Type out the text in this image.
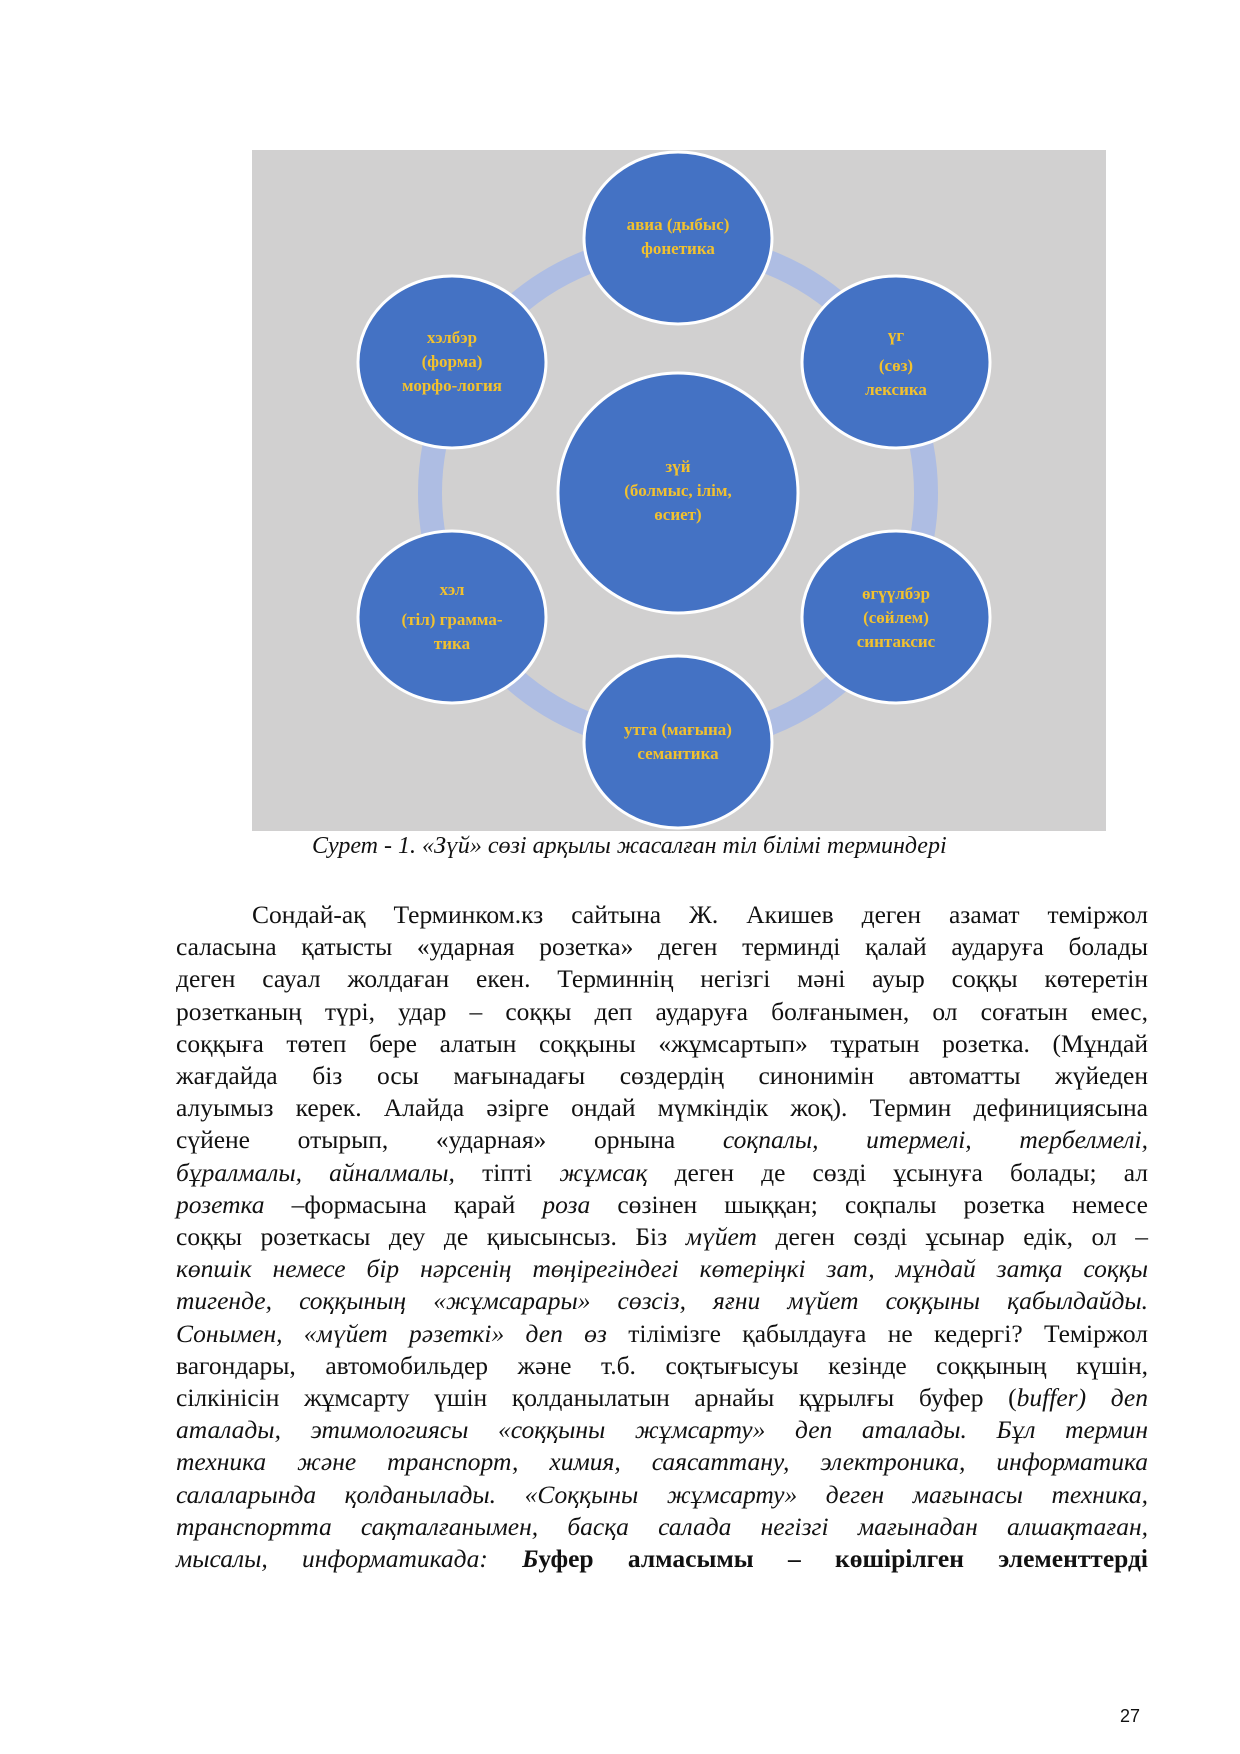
зүй
(болмыс, ілім,
өсиет)
авиа (дыбыс)
фонетика
үг
(сөз)
лексика
өгүүлбэр
(сөйлем)
синтаксис
утга (мағына)
семантика
хэл
(тіл) грамма-
тика
хэлбэр
(форма)
морфо-логия
Сурет - 1. «Зүй» сөзі арқылы жасалған тіл білімі терминдері
Сондай-ақ Терминком.кз сайтына Ж. Акишев деген азамат теміржол
саласына қатысты «ударная розетка» деген терминді қалай аударуға болады
деген сауал жолдаған екен. Терминнің негізгі мәні ауыр соққы көтеретін
розетканың түрі, удар – соққы деп аударуға болғанымен, ол соғатын емес,
соққыға төтеп бере алатын соққыны «жұмсартып» тұратын розетка. (Мұндай
жағдайда біз осы мағынадағы сөздердің синонимін автоматты жүйеден
алуымыз керек. Алайда әзірге ондай мүмкіндік жоқ). Термин дефинициясына
сүйене отырып, «ударная» орнына соқпалы, итермелі, тербелмелі,
бұралмалы, айналмалы, тіпті жұмсақ деген де сөзді ұсынуға болады; ал
розетка –формасына қарай роза сөзінен шыққан; соқпалы розетка немесе
соққы розеткасы деу де қиысынсыз. Біз мүйет деген сөзді ұсынар едік, ол –
көпшік немесе бір нәрсенің төңірегіндегі көтеріңкі зат, мұндай затқа соққы
тигенде, соққының «жұмсарары» сөзсіз, яғни мүйет соққыны қабылдайды.
Сонымен, «мүйет рәзеткі» деп өз тілімізге қабылдауға не кедергі? Теміржол
вагондары, автомобильдер және т.б. соқтығысуы кезінде соққының күшін,
сілкінісін жұмсарту үшін қолданылатын арнайы құрылғы буфер (buffer) деп
аталады, этимологиясы «соққыны жұмсарту» деп аталады. Бұл термин
техника және транспорт, химия, саясаттану, электроника, информатика
салаларында қолданылады. «Соққыны жұмсарту» деген мағынасы техника,
транспортта сақталғанымен, басқа салада негізгі мағынадан алшақтаған,
мысалы, информатикада: Буфер алмасымы – көшірілген элементтерді
27
